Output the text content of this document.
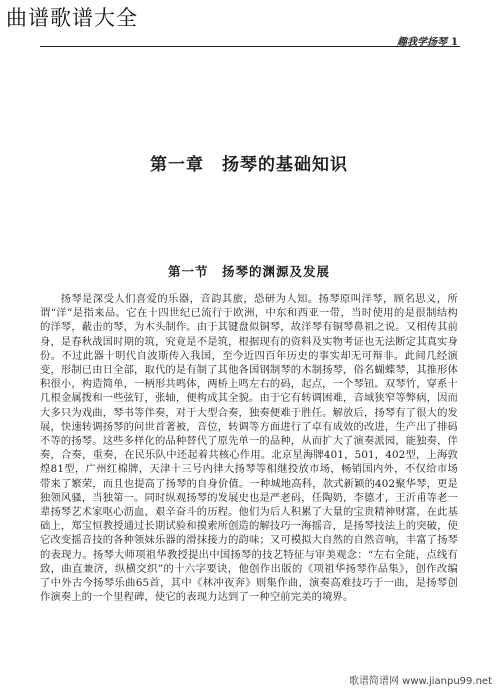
曲谱歌谱大全
趣我学扬琴 1
第一章　扬琴的基础知识
第一节　扬琴的渊源及发展

扬琴是深受人们喜爱的乐器，音韵其旅，恐研为人知。扬琴原叫洋琴，顾名思义，所谓“洋”是指来品。它在十四世纪已流行于欧洲，中东和西亚一带，当时使用的是很制结构的洋琴，蔽击的琴，为木头制作。由于其键盘似铜琴，故洋琴有铜琴鼻祖之说。又相传其前身，是春秋战国时期的筑，究竟是不是筑，根据现有的资料及实物考证也无法断定其真实身份。不过此器十明代自波斯传入我国，至今近四百年历史的事实却无可辩非。此间几经演变，形制已由日全部，取代的是有制了其他各国钢制琴的木制扬琴，俗名蝴蝶琴，其推形体积很小，构造简单，一柄形共鸣体，两桥上鸣左右的码，起点，一个琴钮。双琴竹，穿系十几根金属拨和一些弦钉，张轴，便构成其全貌。由于它有转调困难，音域狭窄等弊病，因而大多只为戏曲，琴书等伴奏，对于大型合奏，独奏便难于胜任。解放后，扬琴有了很大的发展，快速转调扬琴的问世首著被，音位，转调等方面进行了卓有成效的改进，生产出了排码不等的扬琴。这些多样化的品种替代了原先单一的品种，从而扩大了演奏派园，能独奏，伴奏，合奏，重奏，在民乐队中还起着共核心作用。北京星海牌401，501，402型，上海敦煌81型，广州红棉牌，天津十三号内律大扬琴等相继投放市场，畅销国内外，不仅给市场带来了繁荣，而且也提高了扬琴的自身价值。一种城地高科，款式新颖的402聚华琴，更是独领风骚，当独第一。同时纵观扬琴的发展史也是严老码，任陶奶，李德才，王沂甫等老一辈扬琴艺术家呕心沥血，艰辛奋斗的历程。他们为后人积累了大量的宝贵精神财富，在此基础上，郑宝恒教授通过长期试验和摸索所创造的解技巧一海摇音，是扬琴技法上的突破，使它改变摇音技的各种领妹乐器的滑抹接力的韵味；又可模拟大自然的自然音响，丰富了扬琴的表现力。扬琴大师项祖华教授提出中国扬琴的技艺特征与审美观念：“左右全能，点线有致，曲直兼济，纵横交织”的十六字要诀，他创作出版的《项祖华扬琴作品集》，创作改编了中外古今扬琴乐曲65首，其中《林冲夜奔》则集作曲，演奏高难技巧于一曲，是扬琴创作演奏上的一个里程碑，使它的表现力达到了一种空前完美的境界。

歌谱简谱网 www.jianpu99.net
